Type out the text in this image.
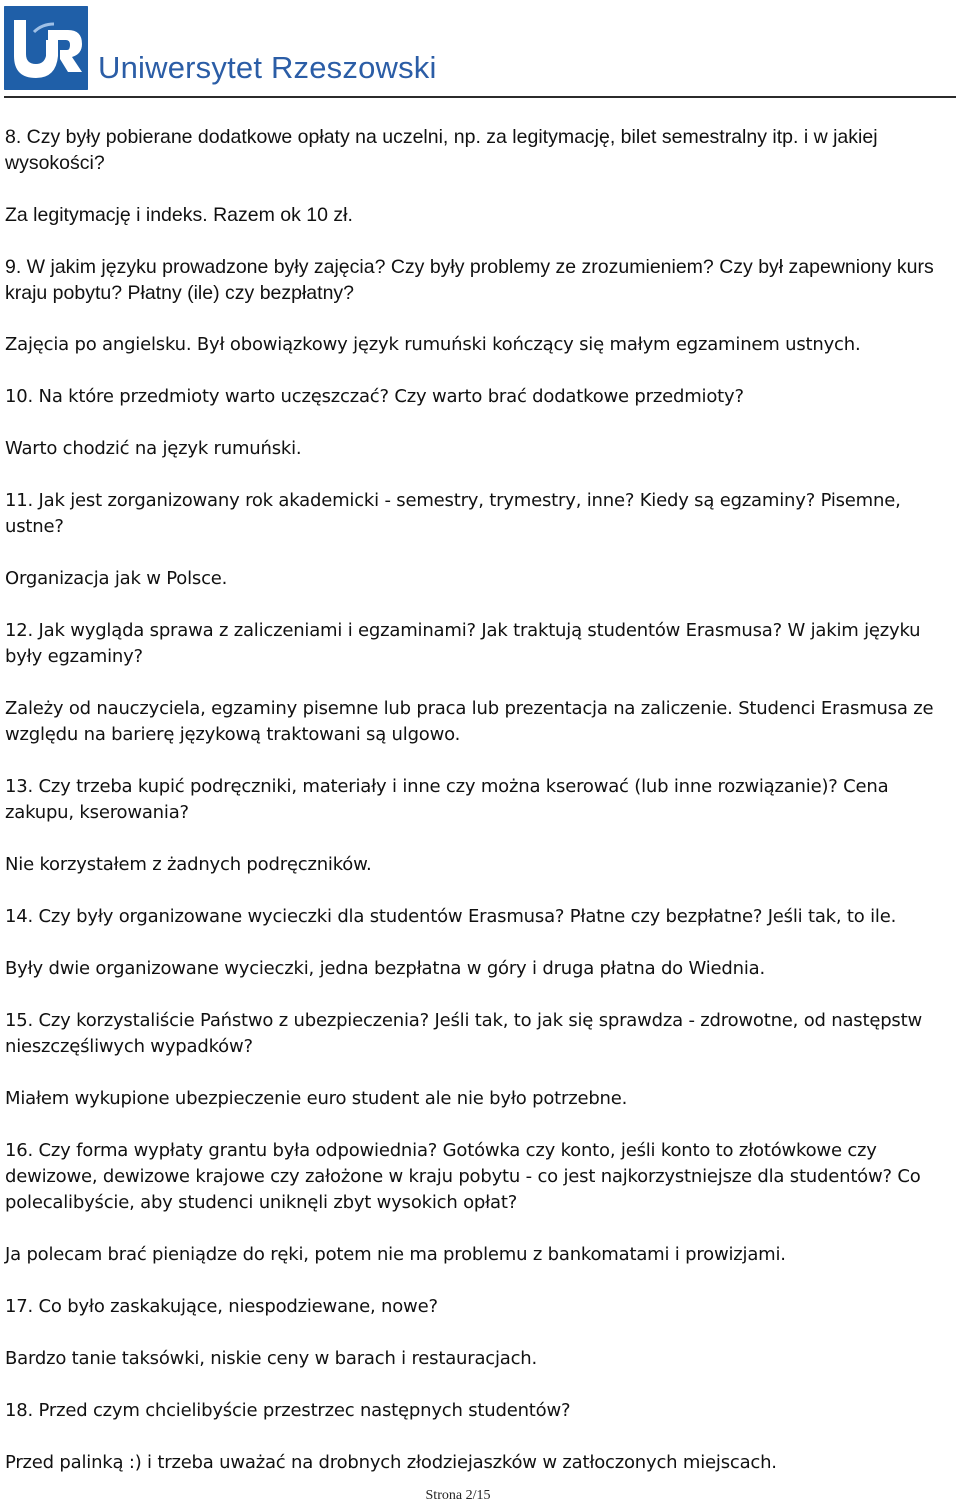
Uniwersytet Rzeszowski

8. Czy były pobierane dodatkowe opłaty na uczelni, np. za legitymację, bilet semestralny itp. i w jakiej wysokości?

Za legitymację i indeks. Razem ok 10 zł.

9. W jakim języku prowadzone były zajęcia? Czy były problemy ze zrozumieniem? Czy był zapewniony kurs kraju pobytu? Płatny (ile) czy bezpłatny?

Zajęcia po angielsku. Był obowiązkowy język rumuński kończący się małym egzaminem ustnych.

10. Na które przedmioty warto uczęszczać? Czy warto brać dodatkowe przedmioty?

Warto chodzić na język rumuński.

11. Jak jest zorganizowany rok akademicki - semestry, trymestry, inne? Kiedy są egzaminy? Pisemne, ustne?

Organizacja jak w Polsce.

12. Jak wygląda sprawa z zaliczeniami i egzaminami? Jak traktują studentów Erasmusa? W jakim języku były egzaminy?

Zależy od nauczyciela, egzaminy pisemne lub praca lub prezentacja na zaliczenie. Studenci Erasmusa ze względu na barierę językową traktowani są ulgowo.

13. Czy trzeba kupić podręczniki, materiały i inne czy można kserować (lub inne rozwiązanie)? Cena zakupu, kserowania?

Nie korzystałem z żadnych podręczników.

14. Czy były organizowane wycieczki dla studentów Erasmusa? Płatne czy bezpłatne? Jeśli tak, to ile.

Były dwie organizowane wycieczki, jedna bezpłatna w góry i druga płatna do Wiednia.

15. Czy korzystaliście Państwo z ubezpieczenia? Jeśli tak, to jak się sprawdza - zdrowotne, od następstw nieszczęśliwych wypadków?

Miałem wykupione ubezpieczenie euro student ale nie było potrzebne.

16. Czy forma wypłaty grantu była odpowiednia? Gotówka czy konto, jeśli konto to złotówkowe czy dewizowe, dewizowe krajowe czy założone w kraju pobytu - co jest najkorzystniejsze dla studentów? Co polecalibyście, aby studenci uniknęli zbyt wysokich opłat?

Ja polecam brać pieniądze do ręki, potem nie ma problemu z bankomatami i prowizjami.

17. Co było zaskakujące, niespodziewane, nowe?

Bardzo tanie taksówki, niskie ceny w barach i restauracjach.

18. Przed czym chcielibyście przestrzec następnych studentów?

Przed palinką :) i trzeba uważać na drobnych złodziejaszków w zatłoczonych miejscach.

Strona 2/15
